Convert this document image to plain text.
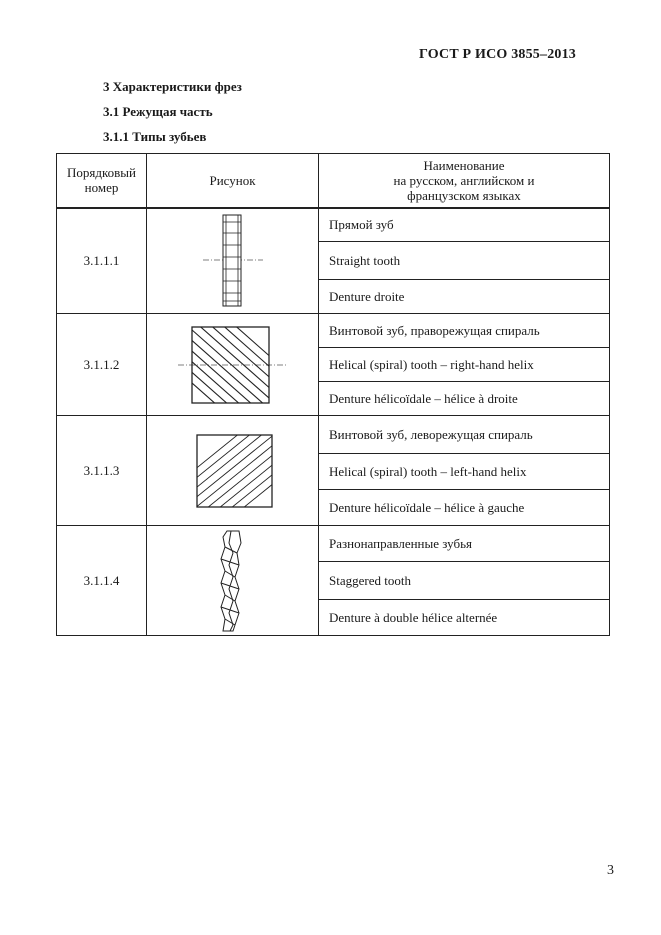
ГОСТ Р ИСО 3855–2013
3 Характеристики фрез
3.1 Режущая часть
3.1.1 Типы зубьев
Порядковый номер	Рисунок	Наименование
на русском, английском и
французском языках

3.1.1.1		Прямой зуб
		Straight tooth
		Denture droite
3.1.1.2		Винтовой зуб, праворежущая спираль
		Helical (spiral) tooth – right-hand helix
		Denture hélicoïdale – hélice à droite
3.1.1.3		Винтовой зуб, леворежущая спираль
		Helical (spiral) tooth – left-hand helix
		Denture hélicoïdale – hélice à gauche
3.1.1.4		Разнонаправленные зубья
		Staggered tooth
		Denture à double hélice alternée
3
